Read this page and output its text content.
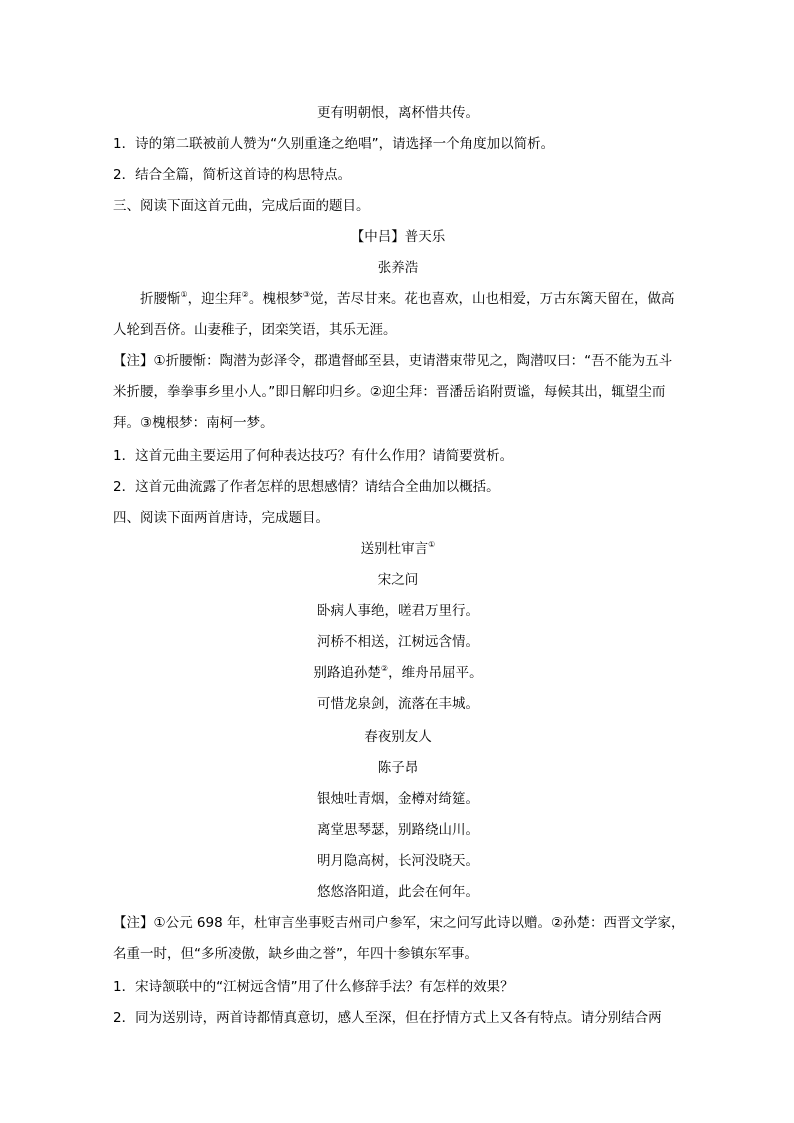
更有明朝恨，离杯惜共传。
1．诗的第二联被前人赞为“久别重逢之绝唱”，请选择一个角度加以简析。
2．结合全篇，简析这首诗的构思特点。
三、阅读下面这首元曲，完成后面的题目。
【中吕】普天乐
张养浩
折腰惭①，迎尘拜②。槐根梦③觉，苦尽甘来。花也喜欢，山也相爱，万古东篱天留在，做高
人轮到吾侪。山妻稚子，团栾笑语，其乐无涯。
【注】①折腰惭：陶潜为彭泽令，郡遣督邮至县，吏请潜束带见之，陶潜叹曰：“吾不能为五斗
米折腰，拳拳事乡里小人。”即日解印归乡。②迎尘拜：晋潘岳谄附贾谧，每候其出，辄望尘而
拜。③槐根梦：南柯一梦。
1．这首元曲主要运用了何种表达技巧？有什么作用？请简要赏析。
2．这首元曲流露了作者怎样的思想感情？请结合全曲加以概括。
四、阅读下面两首唐诗，完成题目。
送别杜审言①
宋之问
卧病人事绝，嗟君万里行。
河桥不相送，江树远含情。
别路追孙楚②，维舟吊屈平。
可惜龙泉剑，流落在丰城。
春夜别友人
陈子昂
银烛吐青烟，金樽对绮筵。
离堂思琴瑟，别路绕山川。
明月隐高树，长河没晓天。
悠悠洛阳道，此会在何年。
【注】①公元 698 年，杜审言坐事贬吉州司户参军，宋之问写此诗以赠。②孙楚：西晋文学家，
名重一时，但“多所凌傲，缺乡曲之誉”，年四十参镇东军事。
1．宋诗颔联中的“江树远含情”用了什么修辞手法？有怎样的效果？
2．同为送别诗，两首诗都情真意切，感人至深，但在抒情方式上又各有特点。请分别结合两
